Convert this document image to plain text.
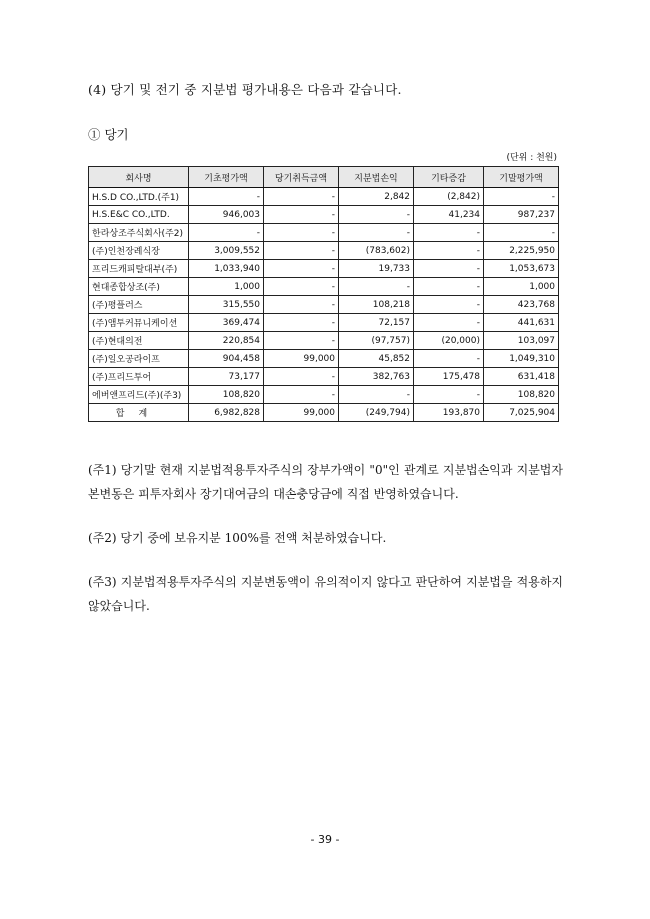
(4) 당기 및 전기 중 지분법 평가내용은 다음과 같습니다.
① 당기
(단위 : 천원)
회사명	기초평가액	당기취득금액	지분법손익	기타증감	기말평가액
H.S.D CO.,LTD.(주1)	-	-	2,842	(2,842)	-
H.S.E&C CO.,LTD.	946,003	-	-	41,234	987,237
한라상조주식회사(주2)	-	-	-	-	-
(주)인천장례식장	3,009,552	-	(783,602)	-	2,225,950
프리드캐피탈대부(주)	1,033,940	-	19,733	-	1,053,673
현대종합상조(주)	1,000	-	-	-	1,000
(주)평플러스	315,550	-	108,218	-	423,768
(주)앰투커뮤니케이션	369,474	-	72,157	-	441,631
(주)현대의전	220,854	-	(97,757)	(20,000)	103,097
(주)일오공라이프	904,458	99,000	45,852	-	1,049,310
(주)프리드투어	73,177	-	382,763	175,478	631,418
에버앤프리드(주)(주3)	108,820	-	-	-	108,820
합계	6,982,828	99,000	(249,794)	193,870	7,025,904
(주1) 당기말 현재 지분법적용투자주식의 장부가액이 "0"인 관계로 지분법손익과 지분법자본변동은 피투자회사 장기대여금의 대손충당금에 직접 반영하였습니다.
(주2) 당기 중에 보유지분 100%를 전액 처분하였습니다.
(주3) 지분법적용투자주식의 지분변동액이 유의적이지 않다고 판단하여 지분법을 적용하지 않았습니다.
- 39 -
